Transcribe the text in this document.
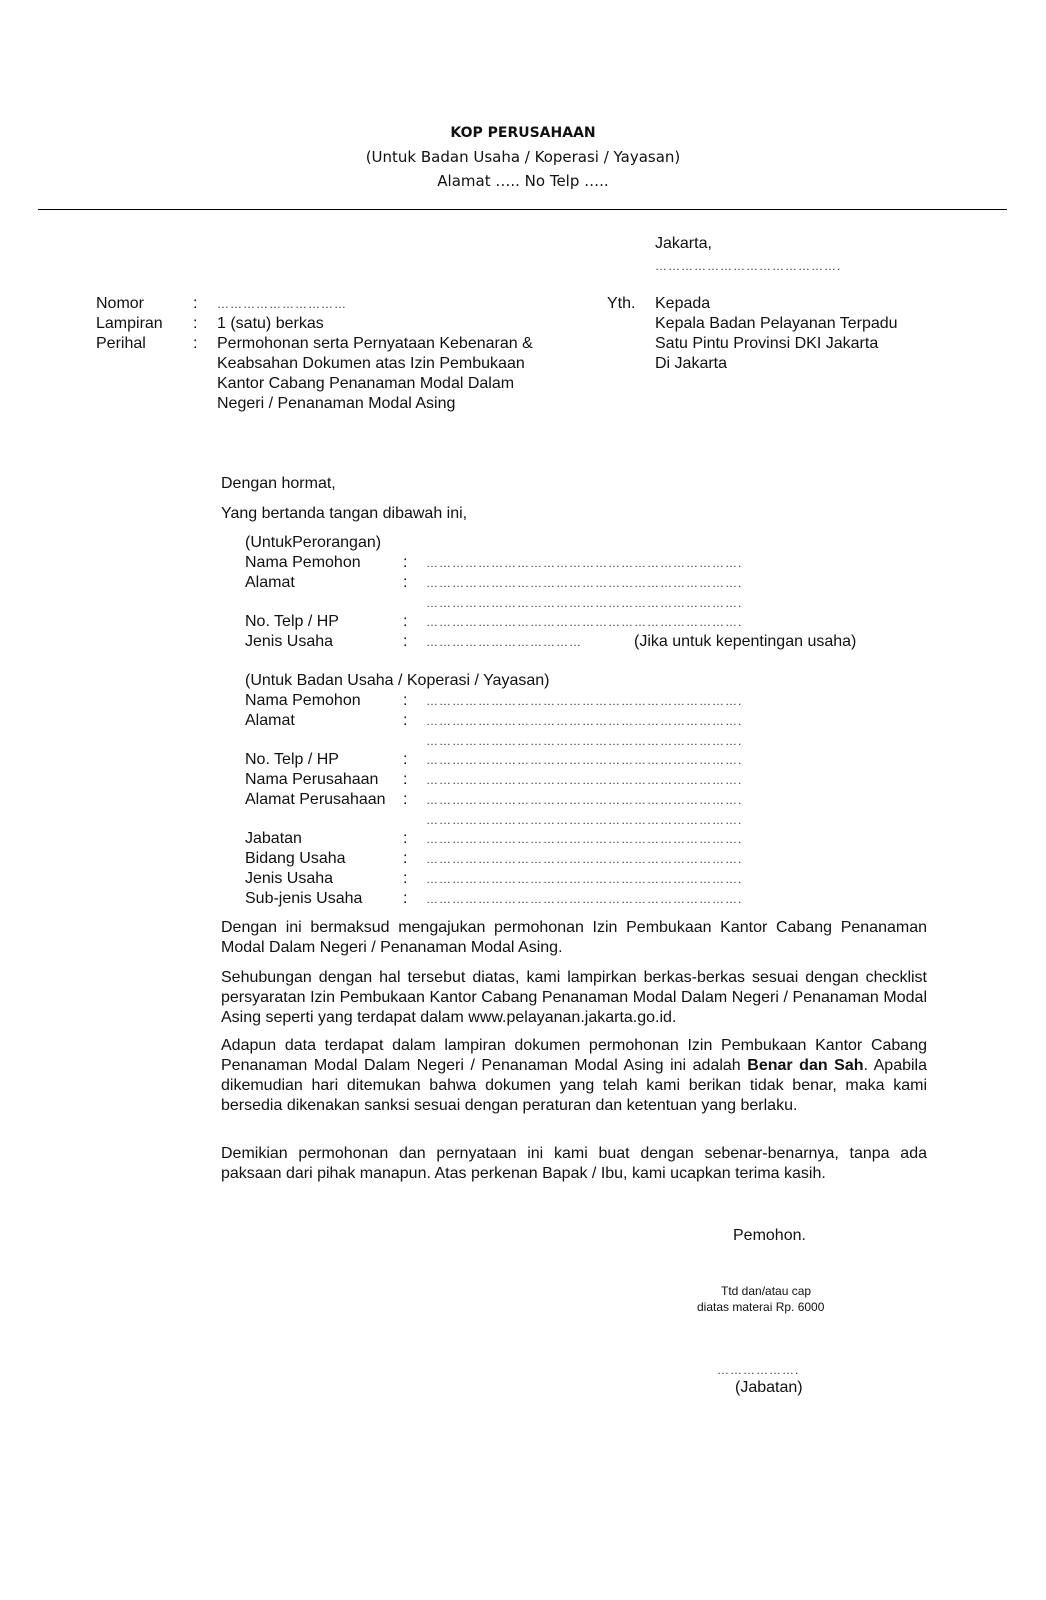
KOP PERUSAHAAN
(Untuk Badan Usaha / Koperasi / Yayasan)
Alamat ….. No Telp …..
Jakarta,
…………………………………….
Nomor	: …………………………
Lampiran : 1 (satu) berkas
Perihal	: Permohonan serta Pernyataan Kebenaran &
Keabsahan Dokumen atas Izin Pembukaan
Kantor Cabang Penanaman Modal Dalam
Negeri / Penanaman Modal Asing
Yth. Kepada
Kepala Badan Pelayanan Terpadu
Satu Pintu Provinsi DKI Jakarta
Di Jakarta
Dengan hormat,
Yang bertanda tangan dibawah ini,
(UntukPerorangan)
Nama Pemohon	: ……………………………………………………………….
Alamat	: ……………………………………………………………….
……………………………………………………………….
No. Telp / HP	: ……………………………………………………………….
Jenis Usaha	: ………………………………	(Jika untuk kepentingan usaha)
(Untuk Badan Usaha / Koperasi / Yayasan)
Nama Pemohon	: ……………………………………………………………….
Alamat	: ……………………………………………………………….
……………………………………………………………….
No. Telp / HP	: ……………………………………………………………….
Nama Perusahaan : ……………………………………………………………….
Alamat Perusahaan : ……………………………………………………………….
……………………………………………………………….
Jabatan	: ……………………………………………………………….
Bidang Usaha	: ……………………………………………………………….
Jenis Usaha	: ……………………………………………………………….
Sub-jenis Usaha	: ……………………………………………………………….
Dengan ini bermaksud mengajukan permohonan Izin Pembukaan Kantor Cabang Penanaman Modal Dalam Negeri / Penanaman Modal Asing.
Sehubungan dengan hal tersebut diatas, kami lampirkan berkas-berkas sesuai dengan checklist persyaratan Izin Pembukaan Kantor Cabang Penanaman Modal Dalam Negeri / Penanaman Modal Asing seperti yang terdapat dalam www.pelayanan.jakarta.go.id.
Adapun data terdapat dalam lampiran dokumen permohonan Izin Pembukaan Kantor Cabang Penanaman Modal Dalam Negeri / Penanaman Modal Asing ini adalah Benar dan Sah. Apabila dikemudian hari ditemukan bahwa dokumen yang telah kami berikan tidak benar, maka kami bersedia dikenakan sanksi sesuai dengan peraturan dan ketentuan yang berlaku.
Demikian permohonan dan pernyataan ini kami buat dengan sebenar-benarnya, tanpa ada paksaan dari pihak manapun. Atas perkenan Bapak / Ibu, kami ucapkan terima kasih.
Pemohon.
Ttd dan/atau cap
diatas materai Rp. 6000
……………….
(Jabatan)
